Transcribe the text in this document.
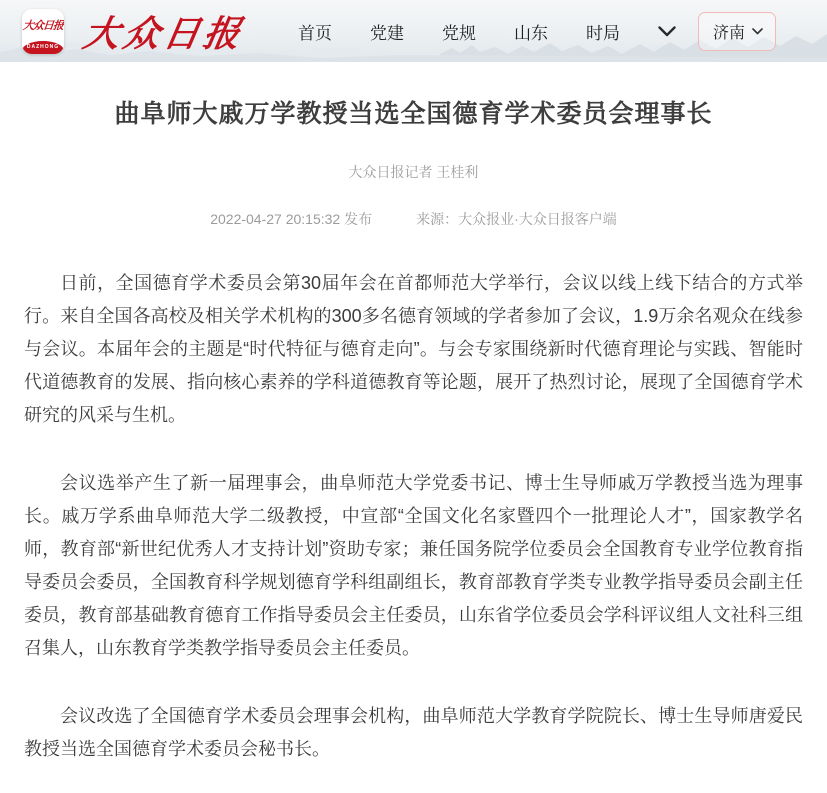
大众日报
DAZHONG 大众日报	首页 党建 党规 山东 时局	济南
曲阜师大戚万学教授当选全国德育学术委员会理事长
大众日报记者 王桂利
2022-04-27 20:15:32 发布	来源：大众报业·大众日报客户端

日前，全国德育学术委员会第30届年会在首都师范大学举行，会议以线上线下结合的方式举行。来自全国各高校及相关学术机构的300多名德育领域的学者参加了会议，1.9万余名观众在线参与会议。本届年会的主题是“时代特征与德育走向”。与会专家围绕新时代德育理论与实践、智能时代道德教育的发展、指向核心素养的学科道德教育等论题，展开了热烈讨论，展现了全国德育学术研究的风采与生机。

会议选举产生了新一届理事会，曲阜师范大学党委书记、博士生导师戚万学教授当选为理事长。戚万学系曲阜师范大学二级教授，中宣部“全国文化名家暨四个一批理论人才”，国家教学名师，教育部“新世纪优秀人才支持计划”资助专家；兼任国务院学位委员会全国教育专业学位教育指导委员会委员，全国教育科学规划德育学科组副组长，教育部教育学类专业教学指导委员会副主任委员，教育部基础教育德育工作指导委员会主任委员，山东省学位委员会学科评议组人文社科三组召集人，山东教育学类教学指导委员会主任委员。

会议改选了全国德育学术委员会理事会机构，曲阜师范大学教育学院院长、博士生导师唐爱民教授当选全国德育学术委员会秘书长。
